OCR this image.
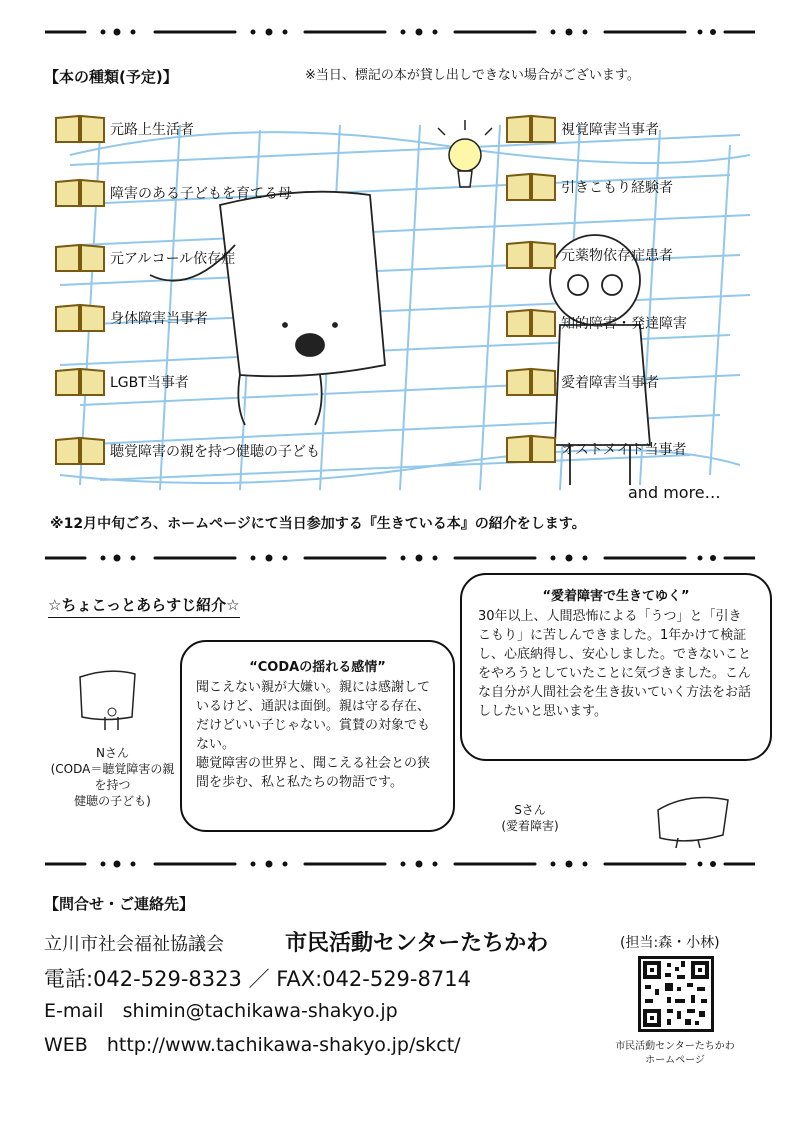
【本の種類(予定)】	※当日、標記の本が貸し出しできない場合がございます。
元路上生活者
障害のある子どもを育てる母
元アルコール依存症
身体障害当事者
LGBT当事者
聴覚障害の親を持つ健聴の子ども
視覚障害当事者
引きこもり経験者
元薬物依存症患者
知的障害・発達障害
愛着障害当事者
オストメイト当事者
and more…
※12月中旬ごろ、ホームページにて当日参加する『生きている本』の紹介をします。
☆ちょこっとあらすじ紹介☆
Nさん
(CODA＝聴覚障害の親を持つ
健聴の子ども)
“CODAの揺れる感情”
聞こえない親が大嫌い。親には感謝しているけど、通訳は面倒。親は守る存在、だけどいい子じゃない。賞賛の対象でもない。
聴覚障害の世界と、聞こえる社会との狭間を歩む、私と私たちの物語です。
“愛着障害で生きてゆく”
30年以上、人間恐怖による「うつ」と「引きこもり」に苦しんできました。1年かけて検証し、心底納得し、安心しました。できないことをやろうとしていたことに気づきました。こんな自分が人間社会を生き抜いていく方法をお話ししたいと思います。
Sさん
(愛着障害)
【問合せ・ご連絡先】
立川市社会福祉協議会	市民活動センターたちかわ	(担当:森・小林)
電話:042-529-8323 ／ FAX:042-529-8714
E-mail　shimin@tachikawa-shakyo.jp
WEB　http://www.tachikawa-shakyo.jp/skct/	市民活動センターたちかわ
ホームページ
